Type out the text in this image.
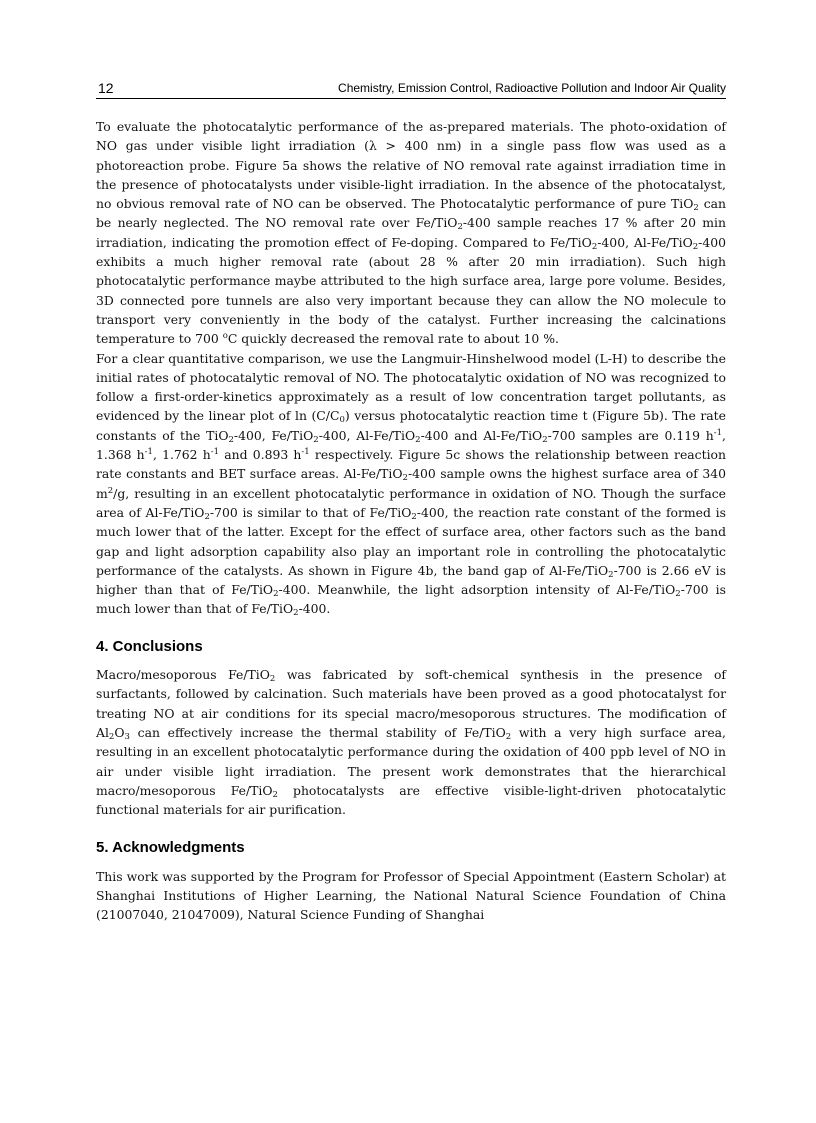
12	Chemistry, Emission Control, Radioactive Pollution and Indoor Air Quality

To evaluate the photocatalytic performance of the as-prepared materials. The photo-oxidation of NO gas under visible light irradiation (λ > 400 nm) in a single pass flow was used as a photoreaction probe. Figure 5a shows the relative of NO removal rate against irradiation time in the presence of photocatalysts under visible-light irradiation. In the absence of the photocatalyst, no obvious removal rate of NO can be observed. The Photocatalytic performance of pure TiO$_2$ can be nearly neglected. The NO removal rate over Fe/TiO$_2$-400 sample reaches 17 % after 20 min irradiation, indicating the promotion effect of Fe-doping. Compared to Fe/TiO$_2$-400, Al-Fe/TiO$_2$-400 exhibits a much higher removal rate (about 28 % after 20 min irradiation). Such high photocatalytic performance maybe attributed to the high surface area, large pore volume. Besides, 3D connected pore tunnels are also very important because they can allow the NO molecule to transport very conveniently in the body of the catalyst. Further increasing the calcinations temperature to 700 $^o$C quickly decreased the removal rate to about 10 %.

For a clear quantitative comparison, we use the Langmuir-Hinshelwood model (L-H) to describe the initial rates of photocatalytic removal of NO. The photocatalytic oxidation of NO was recognized to follow a first-order-kinetics approximately as a result of low concentration target pollutants, as evidenced by the linear plot of $\ln (C/C_0)$ versus photocatalytic reaction time t (Figure 5b). The rate constants of the TiO$_2$-400, Fe/TiO$_2$-400, Al-Fe/TiO$_2$-400 and Al-Fe/TiO$_2$-700 samples are 0.119 $h^{-1}$, 1.368 $h^{-1}$, 1.762 $h^{-1}$ and 0.893 $h^{-1}$ respectively. Figure 5c shows the relationship between reaction rate constants and BET surface areas. Al-Fe/TiO$_2$-400 sample owns the highest surface area of 340 $m^2/g$, resulting in an excellent photocatalytic performance in oxidation of NO. Though the surface area of Al-Fe/TiO$_2$-700 is similar to that of Fe/TiO$_2$-400, the reaction rate constant of the formed is much lower that of the latter. Except for the effect of surface area, other factors such as the band gap and light adsorption capability also play an important role in controlling the photocatalytic performance of the catalysts. As shown in Figure 4b, the band gap of Al-Fe/TiO$_2$-700 is 2.66 eV is higher than that of Fe/TiO$_2$-400. Meanwhile, the light adsorption intensity of Al-Fe/TiO$_2$-700 is much lower than that of Fe/TiO$_2$-400.

4. Conclusions

Macro/mesoporous Fe/TiO$_2$ was fabricated by soft-chemical synthesis in the presence of surfactants, followed by calcination. Such materials have been proved as a good photocatalyst for treating NO at air conditions for its special macro/mesoporous structures. The modification of $Al_2O_3$ can effectively increase the thermal stability of Fe/TiO$_2$ with a very high surface area, resulting in an excellent photocatalytic performance during the oxidation of 400 ppb level of NO in air under visible light irradiation. The present work demonstrates that the hierarchical macro/mesoporous Fe/TiO$_2$ photocatalysts are effective visible-light-driven photocatalytic functional materials for air purification.

5. Acknowledgments

This work was supported by the Program for Professor of Special Appointment (Eastern Scholar) at Shanghai Institutions of Higher Learning, the National Natural Science Foundation of China (21007040, 21047009), Natural Science Funding of Shanghai
